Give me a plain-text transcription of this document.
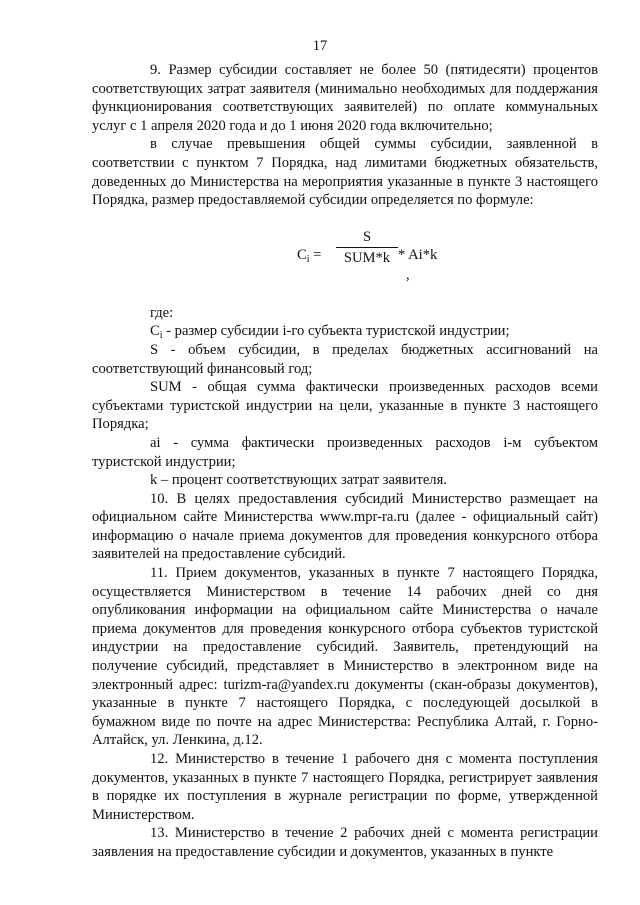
17

9. Размер субсидии составляет не более 50 (пятидесяти) процентов соответствующих затрат заявителя (минимально необходимых для поддержания функционирования соответствующих заявителей) по оплате коммунальных услуг с 1 апреля 2020 года и до 1 июня 2020 года включительно;

в случае превышения общей суммы субсидии, заявленной в соответствии с пунктом 7 Порядка, над лимитами бюджетных обязательств, доведенных до Министерства на мероприятия указанные в пункте 3 настоящего Порядка, размер предоставляемой субсидии определяется по формуле:

$C_i$ =
S
SUM*k * Ai*k
,

где:

$C_i$ - размер субсидии i-го субъекта туристской индустрии;

S - объем субсидии, в пределах бюджетных ассигнований на соответствующий финансовый год;

SUM - общая сумма фактически произведенных расходов всеми субъектами туристской индустрии на цели, указанные в пункте 3 настоящего Порядка;

ai - сумма фактически произведенных расходов i-м субъектом туристской индустрии;

k – процент соответствующих затрат заявителя.

10. В целях предоставления субсидий Министерство размещает на официальном сайте Министерства www.mpr-ra.ru (далее - официальный сайт) информацию о начале приема документов для проведения конкурсного отбора заявителей на предоставление субсидий.

11. Прием документов, указанных в пункте 7 настоящего Порядка, осуществляется Министерством в течение 14 рабочих дней со дня опубликования информации на официальном сайте Министерства о начале приема документов для проведения конкурсного отбора субъектов туристской индустрии на предоставление субсидий. Заявитель, претендующий на получение субсидий, представляет в Министерство в электронном виде на электронный адрес: turizm-ra@yandex.ru документы (скан-образы документов), указанные в пункте 7 настоящего Порядка, с последующей досылкой в бумажном виде по почте на адрес Министерства: Республика Алтай, г. Горно-Алтайск, ул. Ленкина, д.12.

12. Министерство в течение 1 рабочего дня с момента поступления документов, указанных в пункте 7 настоящего Порядка, регистрирует заявления в порядке их поступления в журнале регистрации по форме, утвержденной Министерством.

13. Министерство в течение 2 рабочих дней с момента регистрации заявления на предоставление субсидии и документов, указанных в пункте
